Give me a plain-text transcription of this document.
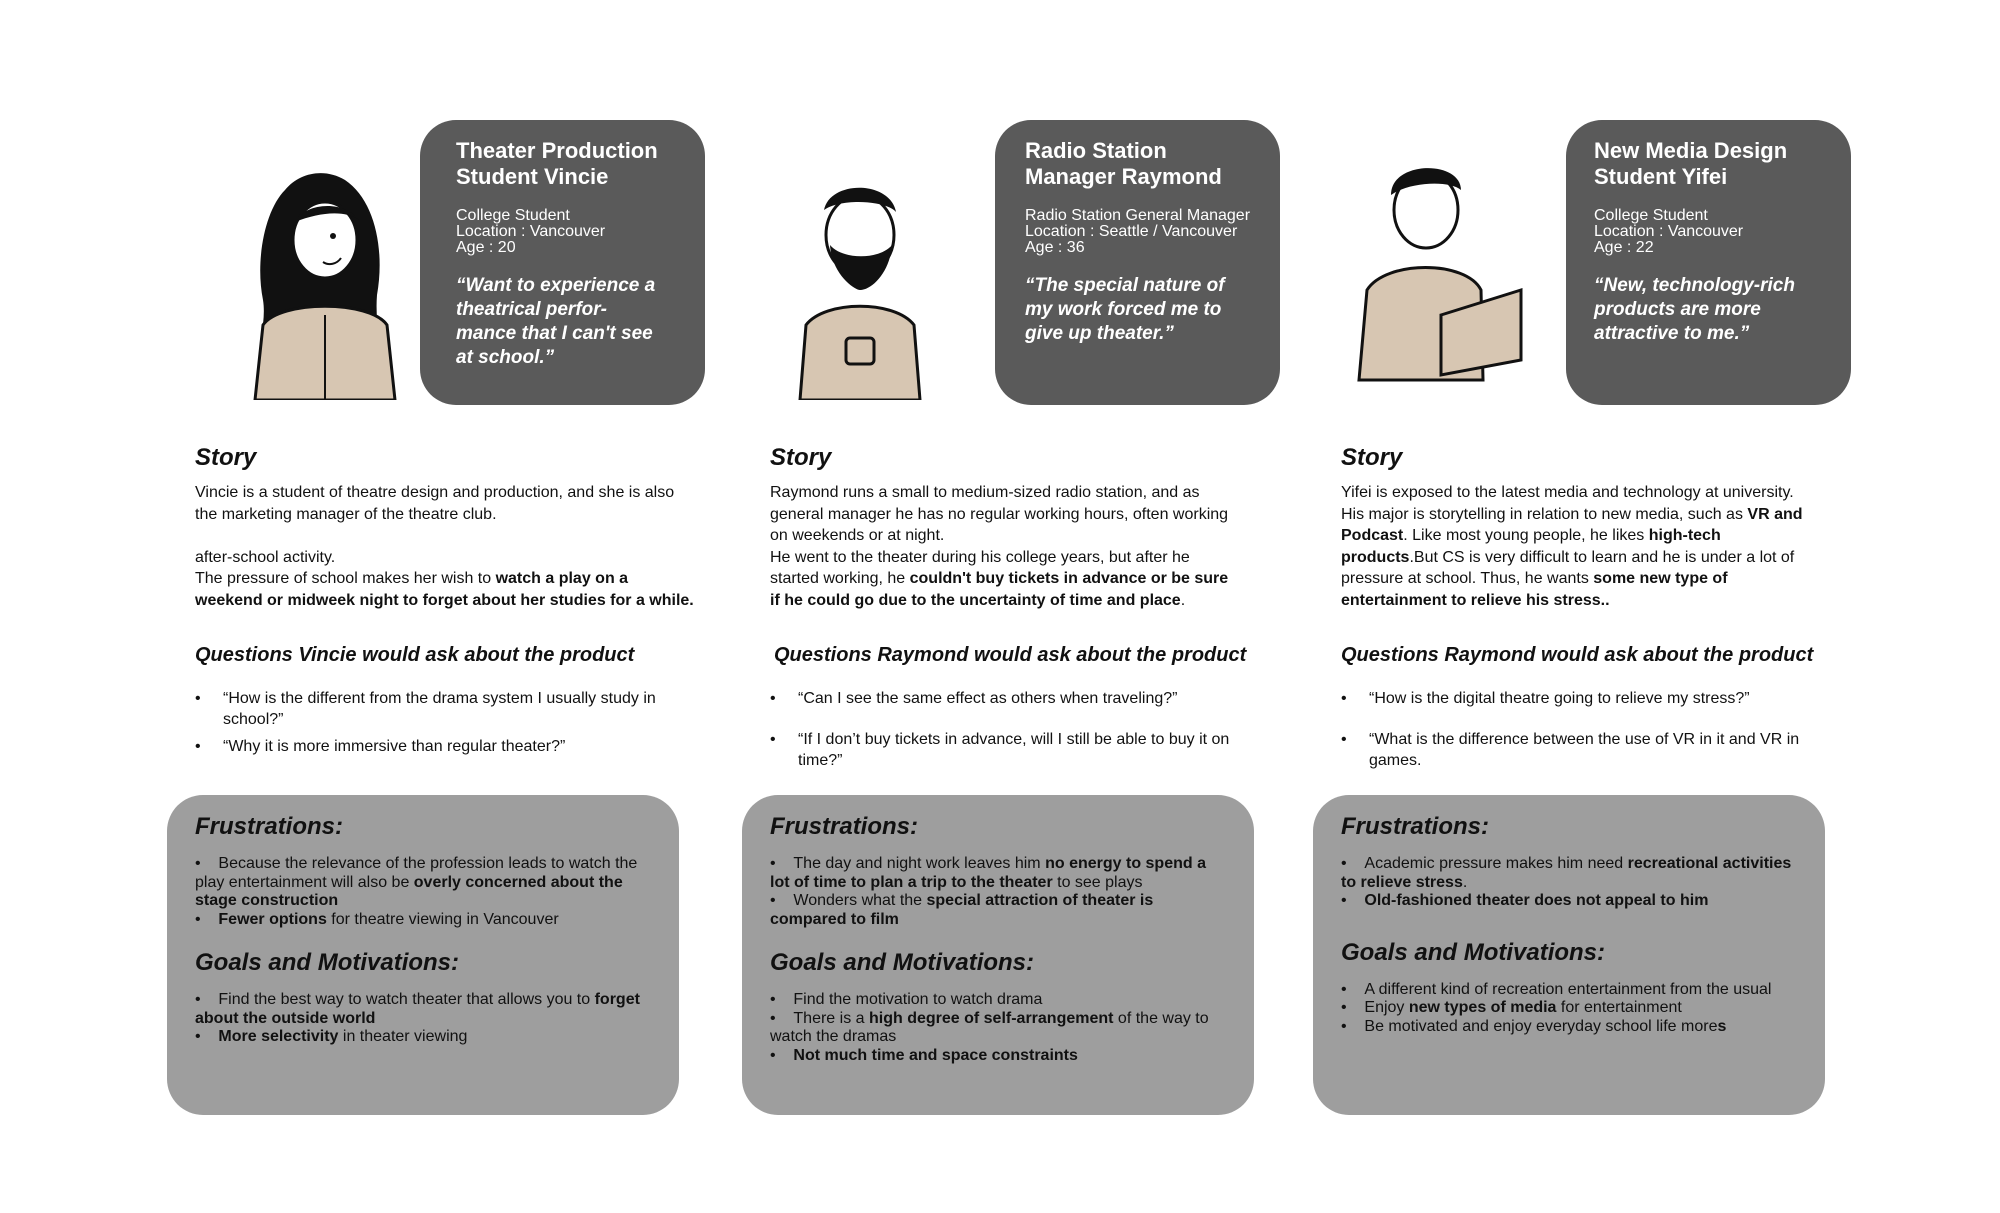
Theater Production
Student Vincie

College Student
Location : Vancouver
Age : 20

“Want to experience a
theatrical perfor-
mance that I can't see
at school.”

Story

Vincie is a student of theatre design and production, and she is also the marketing manager of the theatre club.

after-school activity.

The pressure of school makes her wish to watch a play on a weekend or midweek night to forget about her studies for a while.

Questions Vincie would ask about the product
• “How is the different from the drama system I usually study in school?”
• “Why it is more immersive than regular theater?”
Frustrations:
•    Because the relevance of the profession leads to watch the play entertainment will also be overly concerned about the stage construction
•    Fewer options for theatre viewing in Vancouver
Goals and Motivations:
•    Find the best way to watch theater that allows you to forget about the outside world
•    More selectivity in theater viewing

Radio Station
Manager Raymond

Radio Station General Manager
Location : Seattle / Vancouver
Age : 36

“The special nature of
my work forced me to
give up theater.”

Story

Raymond runs a small to medium-sized radio station, and as general manager he has no regular working hours, often working on weekends or at night.

He went to the theater during his college years, but after he started working, he couldn't buy tickets in advance or be sure if he could go due to the uncertainty of time and place.

Questions Raymond would ask about the product
• “Can I see the same effect as others when traveling?”
• “If I don’t buy tickets in advance, will I still be able to buy it on time?”
Frustrations:
•    The day and night work leaves him no energy to spend a lot of time to plan a trip to the theater to see plays
•    Wonders what the special attraction of theater is compared to film
Goals and Motivations:
•    Find the motivation to watch drama
•    There is a high degree of self-arrangement of the way to watch the dramas
•    Not much time and space constraints

New Media Design
Student Yifei

College Student
Location : Vancouver
Age : 22

“New, technology-rich
products are more
attractive to me.”

Story

Yifei is exposed to the latest media and technology at university. His major is storytelling in relation to new media, such as VR and Podcast. Like most young people, he likes high-tech products.But CS is very difficult to learn and he is under a lot of pressure at school. Thus, he wants some new type of entertainment to relieve his stress..

Questions Raymond would ask about the product
• “How is the digital theatre going to relieve my stress?”
• “What is the difference between the use of VR in it and VR in games.
Frustrations:
•    Academic pressure makes him need recreational activities to relieve stress.
•    Old-fashioned theater does not appeal to him
Goals and Motivations:
•    A different kind of recreation entertainment from the usual
•    Enjoy new types of media for entertainment
•    Be motivated and enjoy everyday school life mores
